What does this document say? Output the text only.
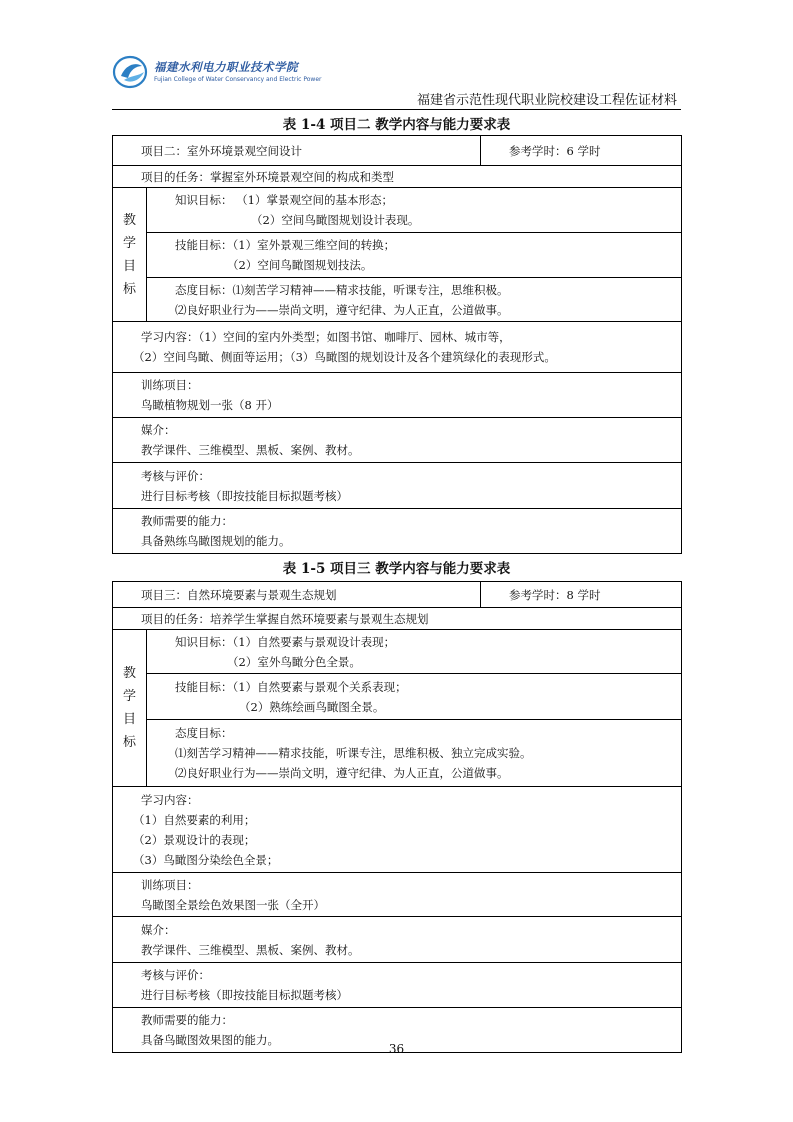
福建水利电力职业技术学院
Fujian College of Water Conservancy and Electric Power
福建省示范性现代职业院校建设工程佐证材料
表 1-4 项目二 教学内容与能力要求表
项目二：室外环境景观空间设计		参考学时：6 学时
项目的任务：掌握室外环境景观空间的构成和类型		

教
学
目
标	知识目标： （1）掌景观空间的基本形态；
（2）空间鸟瞰图规划设计表现。	

	技能目标：（1）室外景观三维空间的转换；
（2）空间鸟瞰图规划技法。	

	态度目标：⑴刻苦学习精神——精求技能，听课专注，思维积极。
⑵良好职业行为——崇尚文明，遵守纪律、为人正直，公道做事。	

学习内容：（1）空间的室内外类型；如图书馆、咖啡厅、园林、城市等，
（2）空间鸟瞰、侧面等运用；（3）鸟瞰图的规划设计及各个建筑绿化的表现形式。		

训练项目：
鸟瞰植物规划一张（8 开）		

媒介：
教学课件、三维模型、黑板、案例、教材。		

考核与评价：
进行目标考核（即按技能目标拟题考核）		

教师需要的能力：
具备熟练鸟瞰图规划的能力。		
表 1-5 项目三 教学内容与能力要求表
项目三：自然环境要素与景观生态规划		参考学时：8 学时
项目的任务：培养学生掌握自然环境要素与景观生态规划		

教
学
目
标	知识目标：（1）自然要素与景观设计表现；
（2）室外鸟瞰分色全景。	

	技能目标：（1）自然要素与景观个关系表现；
（2）熟练绘画鸟瞰图全景。	

	态度目标：
⑴刻苦学习精神——精求技能，听课专注，思维积极、独立完成实验。
⑵良好职业行为——崇尚文明，遵守纪律、为人正直，公道做事。	

学习内容：
（1）自然要素的利用；
（2）景观设计的表现；
（3）鸟瞰图分染绘色全景；		

训练项目：
鸟瞰图全景绘色效果图一张（全开）		

媒介：
教学课件、三维模型、黑板、案例、教材。		

考核与评价：
进行目标考核（即按技能目标拟题考核）		

教师需要的能力：
具备鸟瞰图效果图的能力。		
36
